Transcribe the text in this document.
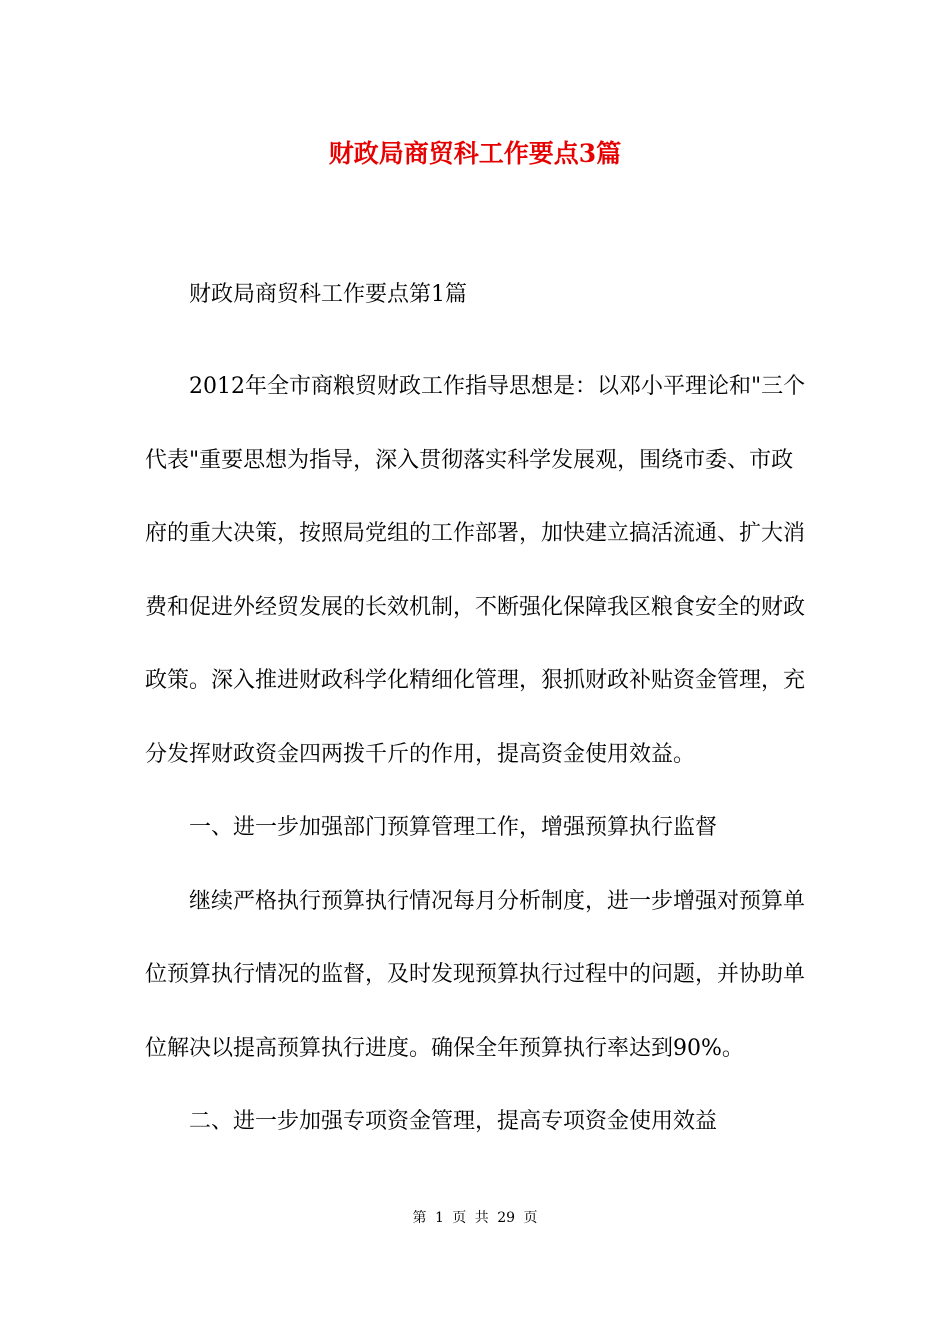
财政局商贸科工作要点3篇

财政局商贸科工作要点第1篇

2012年全市商粮贸财政工作指导思想是：以邓小平理论和"三个代表"重要思想为指导，深入贯彻落实科学发展观，围绕市委、市政府的重大决策，按照局党组的工作部署，加快建立搞活流通、扩大消费和促进外经贸发展的长效机制，不断强化保障我区粮食安全的财政政策。深入推进财政科学化精细化管理，狠抓财政补贴资金管理，充分发挥财政资金四两拨千斤的作用，提高资金使用效益。

一、进一步加强部门预算管理工作，增强预算执行监督

继续严格执行预算执行情况每月分析制度，进一步增强对预算单位预算执行情况的监督，及时发现预算执行过程中的问题，并协助单位解决以提高预算执行进度。确保全年预算执行率达到90%。

二、进一步加强专项资金管理，提高专项资金使用效益

第 1 页 共 29 页
